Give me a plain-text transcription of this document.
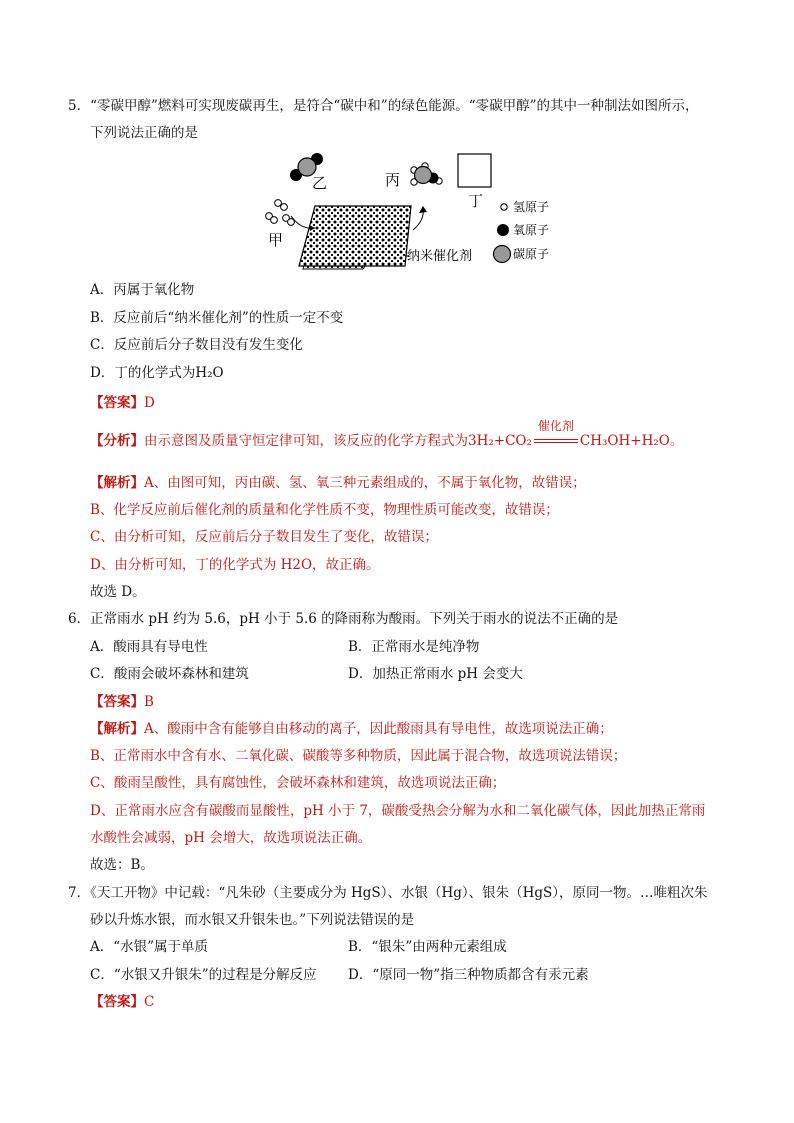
5．“零碳甲醇”燃料可实现废碳再生，是符合“碳中和”的绿色能源。“零碳甲醇”的其中一种制法如图所示，
下列说法正确的是
乙
甲
丙
丁
纳米催化剂
氢原子
氧原子
碳原子
A．丙属于氧化物
B．反应前后“纳米催化剂”的性质一定不变
C．反应前后分子数目没有发生变化
D．丁的化学式为H₂O
【答案】D
【分析】由示意图及质量守恒定律可知，该反应的化学方程式为3H₂+CO₂
催化剂
CH₃OH+H₂O。
【解析】A、由图可知，丙由碳、氢、氧三种元素组成的，不属于氧化物，故错误；
B、化学反应前后催化剂的质量和化学性质不变，物理性质可能改变，故错误；
C、由分析可知，反应前后分子数目发生了变化，故错误；
D、由分析可知，丁的化学式为 H2O，故正确。
故选 D。
6．正常雨水 pH 约为 5.6，pH 小于 5.6 的降雨称为酸雨。下列关于雨水的说法不正确的是
A．酸雨具有导电性	B．正常雨水是纯净物
C．酸雨会破坏森林和建筑	D．加热正常雨水 pH 会变大
【答案】B
【解析】A、酸雨中含有能够自由移动的离子，因此酸雨具有导电性，故选项说法正确；
B、正常雨水中含有水、二氧化碳、碳酸等多种物质，因此属于混合物，故选项说法错误；
C、酸雨呈酸性，具有腐蚀性，会破坏森林和建筑，故选项说法正确；
D、正常雨水应含有碳酸而显酸性，pH 小于 7，碳酸受热会分解为水和二氧化碳气体，因此加热正常雨
水酸性会减弱，pH 会增大，故选项说法正确。
故选：B。
7．《天工开物》中记载：“凡朱砂（主要成分为 HgS）、水银（Hg）、银朱（HgS），原同一物。…唯粗次朱
砂以升炼水银，而水银又升银朱也。”下列说法错误的是
A．“水银”属于单质	B．“银朱”由两种元素组成
C．“水银又升银朱”的过程是分解反应 D．“原同一物”指三种物质都含有汞元素
【答案】C
